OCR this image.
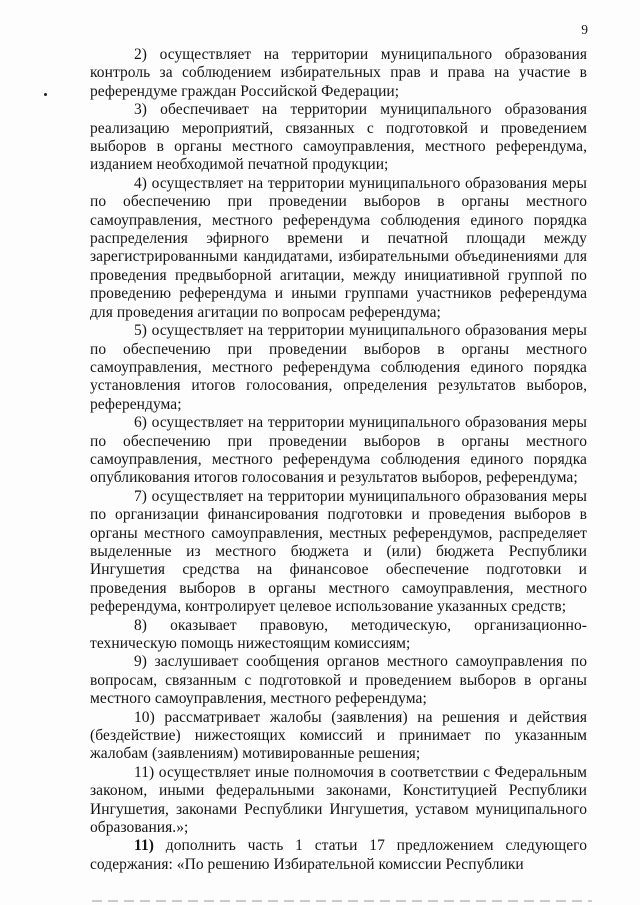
9

2) осуществляет на территории муниципального образования контроль за соблюдением избирательных прав и права на участие в референдуме граждан Российской Федерации;

3) обеспечивает на территории муниципального образования реализацию мероприятий, связанных с подготовкой и проведением выборов в органы местного самоуправления, местного референдума, изданием необходимой печатной продукции;

4) осуществляет на территории муниципального образования меры по обеспечению при проведении выборов в органы местного самоуправления, местного референдума соблюдения единого порядка распределения эфирного времени и печатной площади между зарегистрированными кандидатами, избирательными объединениями для проведения предвыборной агитации, между инициативной группой по проведению референдума и иными группами участников референдума для проведения агитации по вопросам референдума;

5) осуществляет на территории муниципального образования меры по обеспечению при проведении выборов в органы местного самоуправления, местного референдума соблюдения единого порядка установления итогов голосования, определения результатов выборов, референдума;

6) осуществляет на территории муниципального образования меры по обеспечению при проведении выборов в органы местного самоуправления, местного референдума соблюдения единого порядка опубликования итогов голосования и результатов выборов, референдума;

7) осуществляет на территории муниципального образования меры по организации финансирования подготовки и проведения выборов в органы местного самоуправления, местных референдумов, распределяет выделенные из местного бюджета и (или) бюджета Республики Ингушетия средства на финансовое обеспечение подготовки и проведения выборов в органы местного самоуправления, местного референдума, контролирует целевое использование указанных средств;

8) оказывает правовую, методическую, организационно-техническую помощь нижестоящим комиссиям;

9) заслушивает сообщения органов местного самоуправления по вопросам, связанным с подготовкой и проведением выборов в органы местного самоуправления, местного референдума;

10) рассматривает жалобы (заявления) на решения и действия (бездействие) нижестоящих комиссий и принимает по указанным жалобам (заявлениям) мотивированные решения;

11) осуществляет иные полномочия в соответствии с Федеральным законом, иными федеральными законами, Конституцией Республики Ингушетия, законами Республики Ингушетия, уставом муниципального образования.»;

11) дополнить часть 1 статьи 17 предложением следующего содержания: «По решению Избирательной комиссии Республики
